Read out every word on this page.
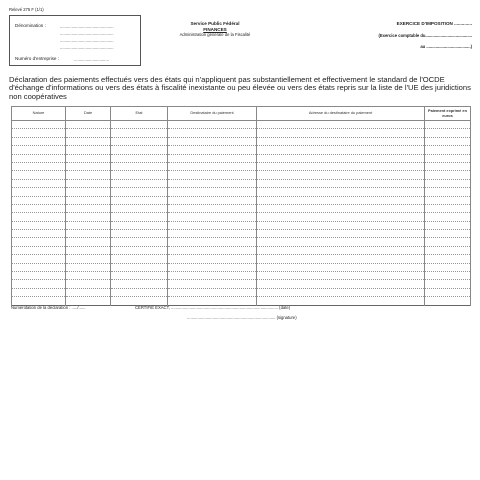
Relevé 275 F (1/1)
Dénomination :	..............................................
..............................................
..............................................
..............................................
Numéro d'entreprise :	..............................
Service Public Fédéral
FINANCES
Administration générale de la Fiscalité
EXERCICE D'IMPOSITION ..............
(Exercice comptable du........................................
au ......................................)
Déclaration des paiements effectués vers des états qui n'appliquent pas substantiellement et effectivement le standard de l'OCDE d'échange d'informations ou vers des états à fiscalité inexistante ou peu élevée ou vers des états repris sur la liste de l'UE des juridictions non coopératives
Nature	Date	Etat	Destinataire du paiement	Adresse du destinataire du paiement	Paiement exprimé en euros

Numérotation de la déclaration : ...../......	CERTIFIÉ EXACT, ............................................................................................ (date)
............................................................................ (signature)
